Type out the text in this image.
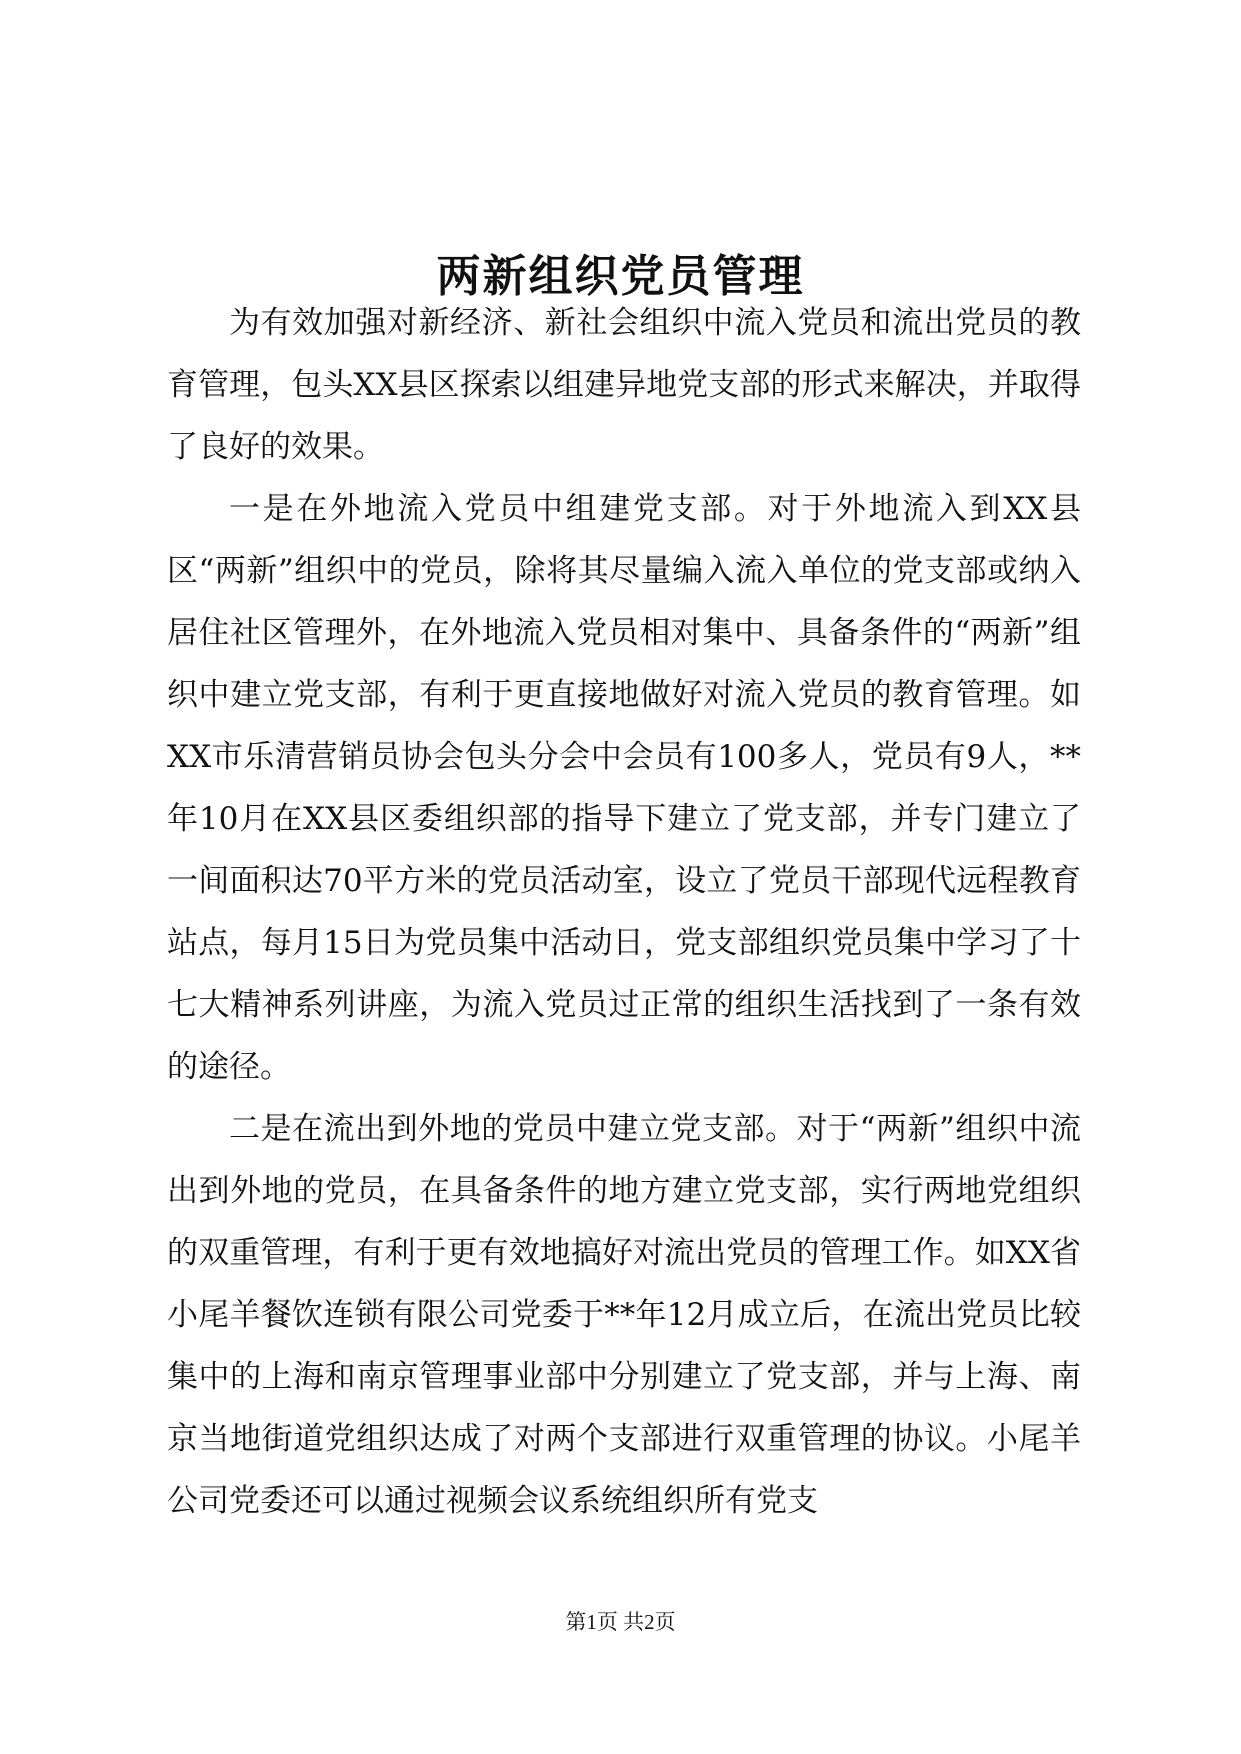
两新组织党员管理

为有效加强对新经济、新社会组织中流入党员和流出党员的教育管理，包头XX县区探索以组建异地党支部的形式来解决，并取得了良好的效果。

一是在外地流入党员中组建党支部。对于外地流入到XX县区“两新”组织中的党员，除将其尽量编入流入单位的党支部或纳入居住社区管理外，在外地流入党员相对集中、具备条件的“两新”组织中建立党支部，有利于更直接地做好对流入党员的教育管理。如XX市乐清营销员协会包头分会中会员有100多人，党员有9人，**年10月在XX县区委组织部的指导下建立了党支部，并专门建立了一间面积达70平方米的党员活动室，设立了党员干部现代远程教育站点，每月15日为党员集中活动日，党支部组织党员集中学习了十七大精神系列讲座，为流入党员过正常的组织生活找到了一条有效的途径。

二是在流出到外地的党员中建立党支部。对于“两新”组织中流出到外地的党员，在具备条件的地方建立党支部，实行两地党组织的双重管理，有利于更有效地搞好对流出党员的管理工作。如XX省小尾羊餐饮连锁有限公司党委于**年12月成立后，在流出党员比较集中的上海和南京管理事业部中分别建立了党支部，并与上海、南京当地街道党组织达成了对两个支部进行双重管理的协议。小尾羊公司党委还可以通过视频会议系统组织所有党支

第1页 共2页
